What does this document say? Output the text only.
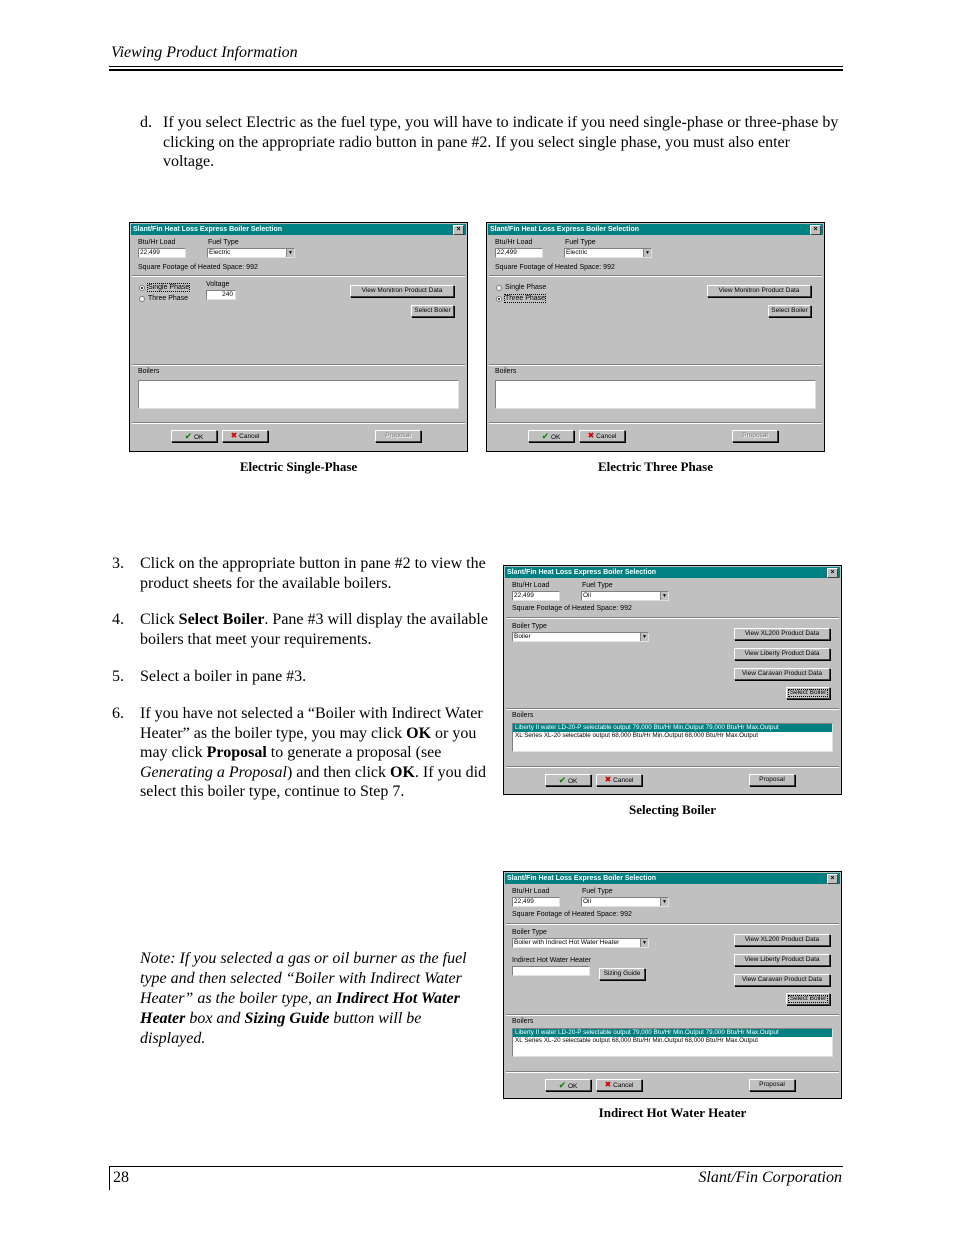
Viewing Product Information
28	Slant/Fin Corporation
d. If you select Electric as the fuel type, you will have to indicate if you need single-phase or three-phase by clicking on the appropriate radio button in pane #2. If you select single phase, you must also enter voltage.
Slant/Fin Heat Loss Express Boiler Selection	×
Btu/Hr Load
22,499
Fuel Type
Electric	▼
Square Footage of Heated Space: 992
Single Phase
Three Phase
Voltage
240
View Monitron Product Data
Select Boiler
Boilers
✔ OK	✖ Cancel	Proposal
Electric Single-Phase
Slant/Fin Heat Loss Express Boiler Selection	×
Btu/Hr Load
22,499
Fuel Type
Electric	▼
Square Footage of Heated Space: 992
Single Phase
Three Phase
View Monitron Product Data
Select Boiler
Boilers
✔ OK	✖ Cancel	Proposal
Electric Three Phase
3. Click on the appropriate button in pane #2 to view the product sheets for the available boilers.
4. Click Select Boiler. Pane #3 will display the available boilers that meet your requirements.
5. Select a boiler in pane #3.
6. If you have not selected a “Boiler with Indirect Water Heater” as the boiler type, you may click OK or you may click Proposal to generate a proposal (see Generating a Proposal) and then click OK. If you did select this boiler type, continue to Step 7.
Slant/Fin Heat Loss Express Boiler Selection	×
Btu/Hr Load
22,499
Fuel Type
Oil	▼
Square Footage of Heated Space: 992
Boiler Type
Boiler	▼	View XL200 Product Data
View Liberty Product Data
View Caravan Product Data
Select Boiler
Boilers
Liberty II water LD-20-P selectable output 79,000 Btu/Hr Min.Output 79,000 Btu/Hr Max.Output
XL Series XL-20 selectable output 68,000 Btu/Hr Min.Output 68,000 Btu/Hr Max.Output
✔ OK	✖ Cancel	Proposal
Selecting Boiler
Note: If you selected a gas or oil burner as the fuel type and then selected “Boiler with Indirect Water Heater” as the boiler type, an Indirect Hot Water Heater box and Sizing Guide button will be displayed.
Slant/Fin Heat Loss Express Boiler Selection	×
Btu/Hr Load
22,499
Fuel Type
Oil	▼
Square Footage of Heated Space: 992
Boiler Type
Boiler with Indirect Hot Water Heater	▼
Indirect Hot Water Heater
Sizing Guide
View XL200 Product Data
View Liberty Product Data
View Caravan Product Data
Select Boiler
Boilers
Liberty II water LD-20-P selectable output 79,000 Btu/Hr Min.Output 79,000 Btu/Hr Max.Output
XL Series XL-20 selectable output 68,000 Btu/Hr Min.Output 68,000 Btu/Hr Max.Output
✔ OK	✖ Cancel	Proposal
Indirect Hot Water Heater
